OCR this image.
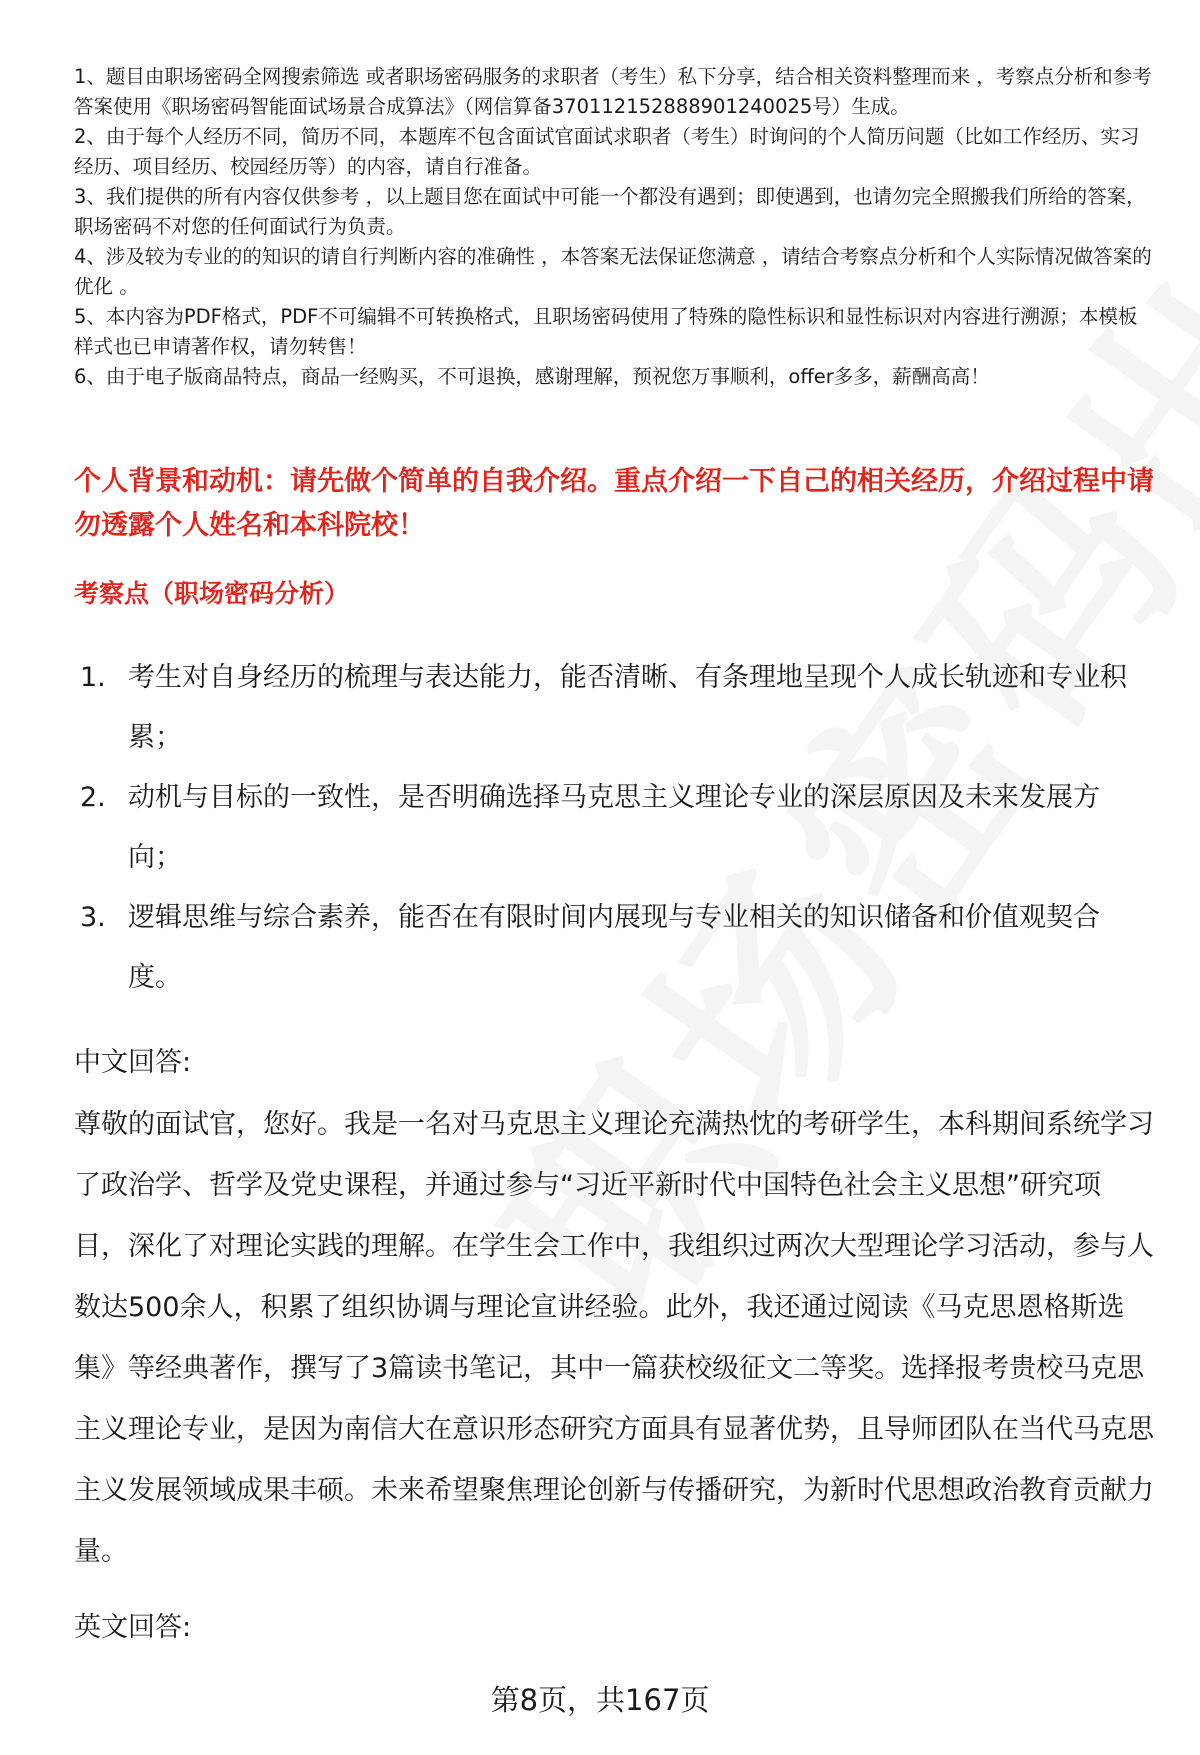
1、题目由职场密码全网搜索筛选 或者职场密码服务的求职者（考生）私下分享，结合相关资料整理而来 ，考察点分析和参考答案使用《职场密码智能面试场景合成算法》（网信算备370112152888901240025号）生成。

2、由于每个人经历不同，简历不同，本题库不包含面试官面试求职者（考生）时询问的个人简历问题（比如工作经历、实习经历、项目经历、校园经历等）的内容，请自行准备。

3、我们提供的所有内容仅供参考 ，以上题目您在面试中可能一个都没有遇到；即使遇到，也请勿完全照搬我们所给的答案，职场密码不对您的任何面试行为负责。

4、涉及较为专业的的知识的请自行判断内容的准确性 ，本答案无法保证您满意 ，请结合考察点分析和个人实际情况做答案的优化 。

5、本内容为PDF格式，PDF不可编辑不可转换格式，且职场密码使用了特殊的隐性标识和显性标识对内容进行溯源；本模板样式也已申请著作权，请勿转售！

6、由于电子版商品特点，商品一经购买，不可退换，感谢理解，预祝您万事顺利，offer多多，薪酬高高！

个人背景和动机：请先做个简单的自我介绍。重点介绍一下自己的相关经历，介绍过程中请勿透露个人姓名和本科院校！

考察点（职场密码分析）

1. 考生对自身经历的梳理与表达能力，能否清晰、有条理地呈现个人成长轨迹和专业积累；
2. 动机与目标的一致性，是否明确选择马克思主义理论专业的深层原因及未来发展方向；
3. 逻辑思维与综合素养，能否在有限时间内展现与专业相关的知识储备和价值观契合度。

中文回答:

尊敬的面试官，您好。我是一名对马克思主义理论充满热忱的考研学生，本科期间系统学习了政治学、哲学及党史课程，并通过参与“习近平新时代中国特色社会主义思想”研究项目，深化了对理论实践的理解。在学生会工作中，我组织过两次大型理论学习活动，参与人数达500余人，积累了组织协调与理论宣讲经验。此外，我还通过阅读《马克思恩格斯选集》等经典著作，撰写了3篇读书笔记，其中一篇获校级征文二等奖。选择报考贵校马克思主义理论专业，是因为南信大在意识形态研究方面具有显著优势，且导师团队在当代马克思主义发展领域成果丰硕。未来希望聚焦理论创新与传播研究，为新时代思想政治教育贡献力量。

英文回答:

第8页，共167页
